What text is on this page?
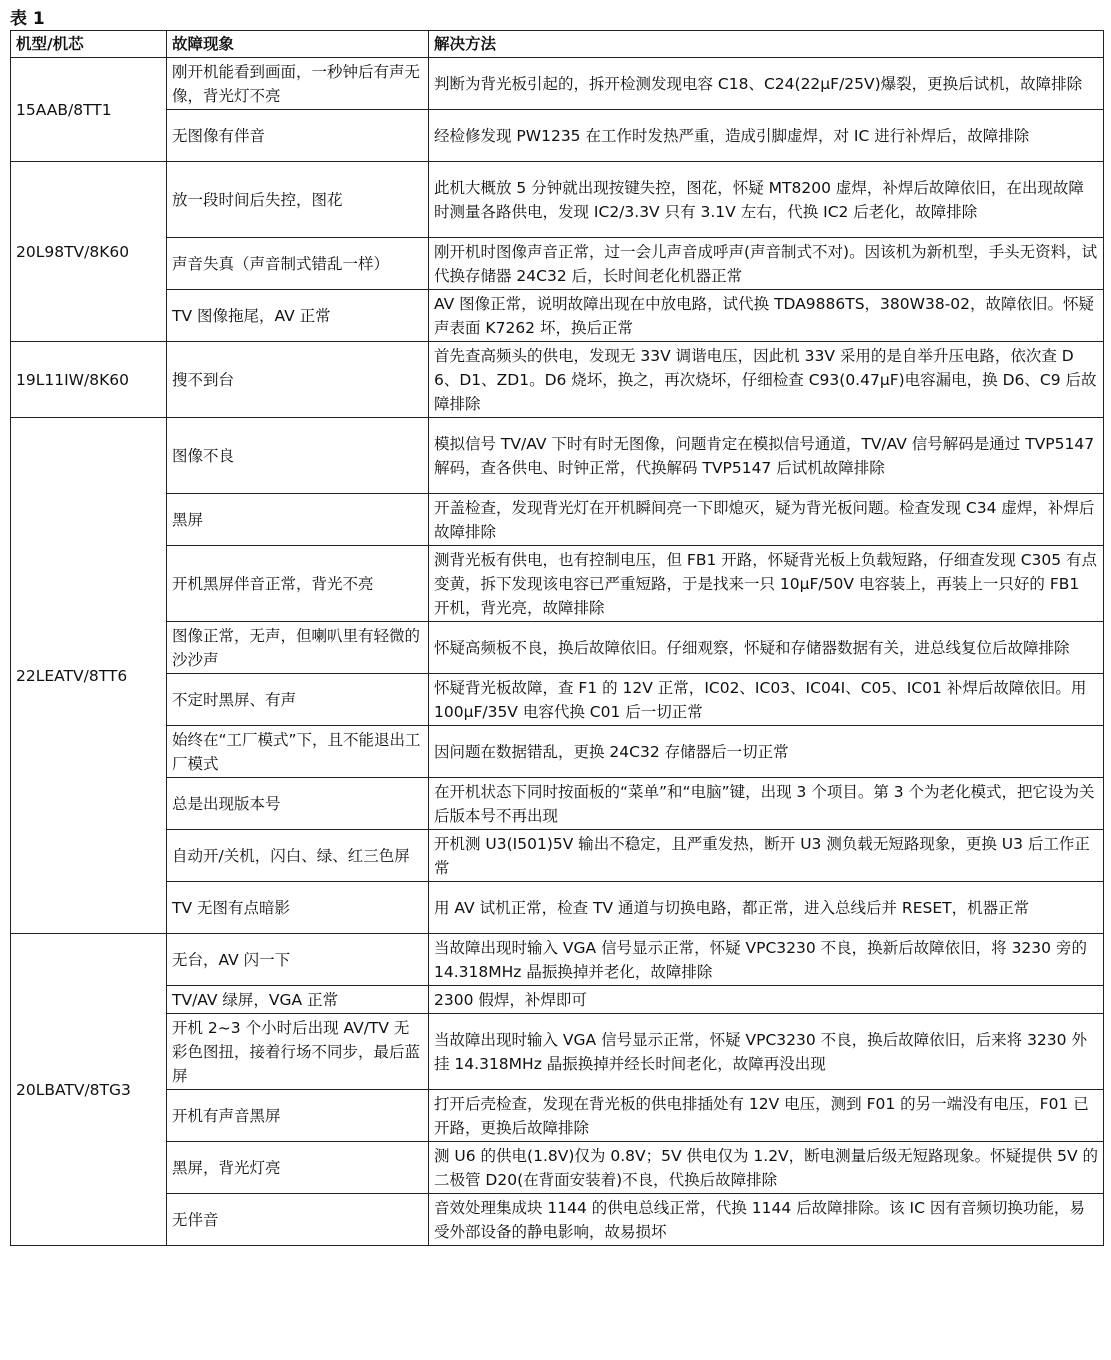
表 1
机型/机芯	故障现象	解决方法
15AAB/8TT1	刚开机能看到画面，一秒钟后有声无像，背光灯不亮	判断为背光板引起的，拆开检测发现电容 C18、C24(22μF/25V)爆裂，更换后试机，故障排除
	无图像有伴音	经检修发现 PW1235 在工作时发热严重，造成引脚虚焊，对 IC 进行补焊后，故障排除
20L98TV/8K60	放一段时间后失控，图花	此机大概放 5 分钟就出现按键失控，图花，怀疑 MT8200 虚焊，补焊后故障依旧，在出现故障时测量各路供电，发现 IC2/3.3V 只有 3.1V 左右，代换 IC2 后老化，故障排除
	声音失真（声音制式错乱一样）	刚开机时图像声音正常，过一会儿声音成呼声(声音制式不对)。因该机为新机型，手头无资料，试代换存储器 24C32 后，长时间老化机器正常
	TV 图像拖尾，AV 正常	AV 图像正常，说明故障出现在中放电路，试代换 TDA9886TS，380W38-02，故障依旧。怀疑声表面 K7262 坏，换后正常
19L11IW/8K60	搜不到台	首先查高频头的供电，发现无 33V 调谐电压，因此机 33V 采用的是自举升压电路，依次查 D6、D1、ZD1。D6 烧坏，换之，再次烧坏，仔细检查 C93(0.47μF)电容漏电，换 D6、C9 后故障排除
22LEATV/8TT6	图像不良	模拟信号 TV/AV 下时有时无图像，问题肯定在模拟信号通道，TV/AV 信号解码是通过 TVP5147 解码，查各供电、时钟正常，代换解码 TVP5147 后试机故障排除
	黑屏	开盖检查，发现背光灯在开机瞬间亮一下即熄灭，疑为背光板问题。检查发现 C34 虚焊，补焊后故障排除
	开机黑屏伴音正常，背光不亮	测背光板有供电，也有控制电压，但 FB1 开路，怀疑背光板上负载短路，仔细查发现 C305 有点变黄，拆下发现该电容已严重短路，于是找来一只 10μF/50V 电容装上，再装上一只好的 FB1 开机，背光亮，故障排除
	图像正常，无声，但喇叭里有轻微的沙沙声	怀疑高频板不良，换后故障依旧。仔细观察，怀疑和存储器数据有关，进总线复位后故障排除
	不定时黑屏、有声	怀疑背光板故障，查 F1 的 12V 正常，IC02、IC03、IC04I、C05、IC01 补焊后故障依旧。用 100μF/35V 电容代换 C01 后一切正常
	始终在“工厂模式”下，且不能退出工厂模式	因问题在数据错乱，更换 24C32 存储器后一切正常
	总是出现版本号	在开机状态下同时按面板的“菜单”和“电脑”键，出现 3 个项目。第 3 个为老化模式，把它设为关后版本号不再出现
	自动开/关机，闪白、绿、红三色屏	开机测 U3(I501)5V 输出不稳定，且严重发热，断开 U3 测负载无短路现象，更换 U3 后工作正常
	TV 无图有点暗影	用 AV 试机正常，检查 TV 通道与切换电路，都正常，进入总线后并 RESET，机器正常
20LBATV/8TG3	无台，AV 闪一下	当故障出现时输入 VGA 信号显示正常，怀疑 VPC3230 不良，换新后故障依旧，将 3230 旁的 14.318MHz 晶振换掉并老化，故障排除
	TV/AV 绿屏，VGA 正常	2300 假焊，补焊即可
	开机 2~3 个小时后出现 AV/TV 无彩色图扭，接着行场不同步，最后蓝屏	当故障出现时输入 VGA 信号显示正常，怀疑 VPC3230 不良，换后故障依旧，后来将 3230 外挂 14.318MHz 晶振换掉并经长时间老化，故障再没出现
	开机有声音黑屏	打开后壳检查，发现在背光板的供电排插处有 12V 电压，测到 F01 的另一端没有电压，F01 已开路，更换后故障排除
	黑屏，背光灯亮	测 U6 的供电(1.8V)仅为 0.8V；5V 供电仅为 1.2V，断电测量后级无短路现象。怀疑提供 5V 的二极管 D20(在背面安装着)不良，代换后故障排除
	无伴音	音效处理集成块 1144 的供电总线正常，代换 1144 后故障排除。该 IC 因有音频切换功能，易受外部设备的静电影响，故易损坏
